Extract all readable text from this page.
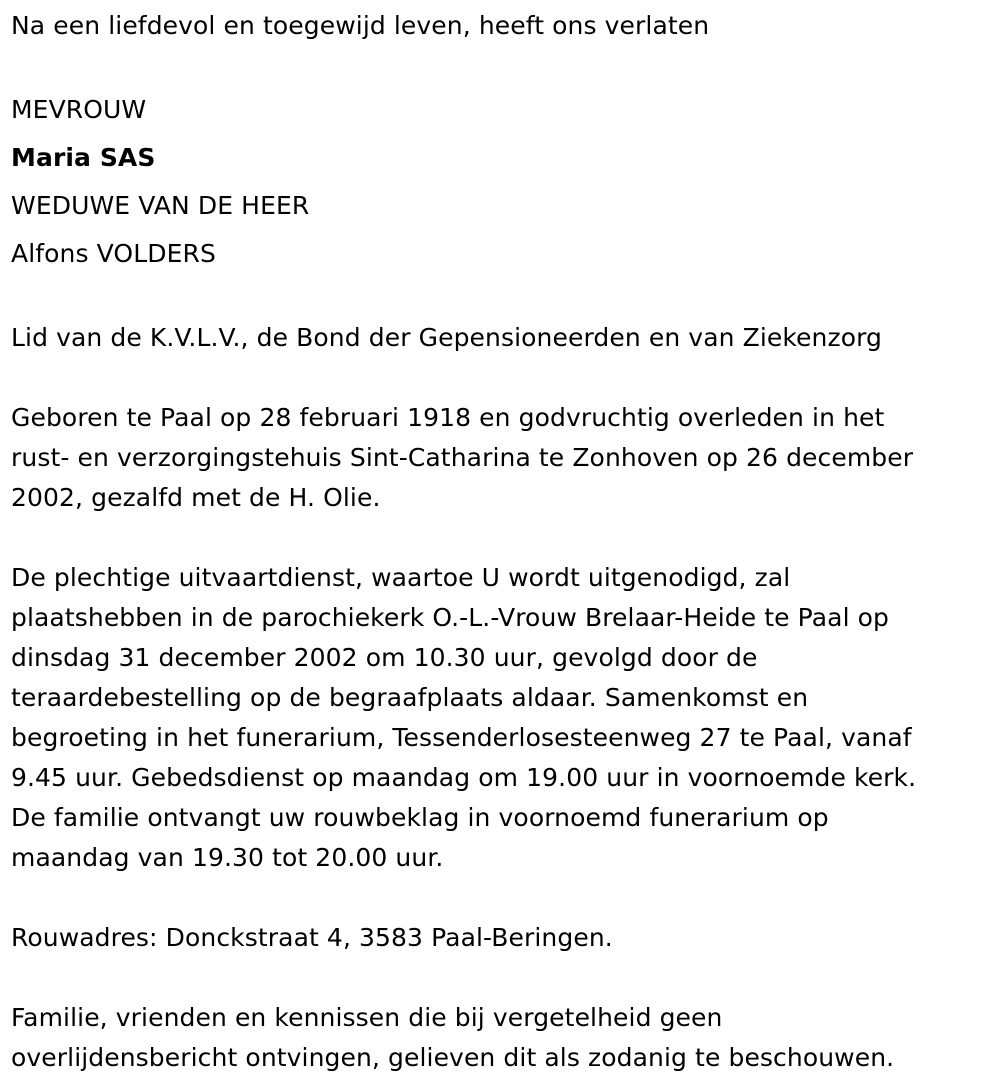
Na een liefdevol en toegewijd leven, heeft ons verlaten
MEVROUW
Maria SAS
WEDUWE VAN DE HEER
Alfons VOLDERS
Lid van de K.V.L.V., de Bond der Gepensioneerden en van Ziekenzorg
Geboren te Paal op 28 februari 1918 en godvruchtig overleden in het
rust- en verzorgingstehuis Sint-Catharina te Zonhoven op 26 december
2002, gezalfd met de H. Olie.
De plechtige uitvaartdienst, waartoe U wordt uitgenodigd, zal
plaatshebben in de parochiekerk O.-L.-Vrouw Brelaar-Heide te Paal op
dinsdag 31 december 2002 om 10.30 uur, gevolgd door de
teraardebestelling op de begraafplaats aldaar. Samenkomst en
begroeting in het funerarium, Tessenderlosesteenweg 27 te Paal, vanaf
9.45 uur. Gebedsdienst op maandag om 19.00 uur in voornoemde kerk.
De familie ontvangt uw rouwbeklag in voornoemd funerarium op
maandag van 19.30 tot 20.00 uur.
Rouwadres: Donckstraat 4, 3583 Paal-Beringen.
Familie, vrienden en kennissen die bij vergetelheid geen
overlijdensbericht ontvingen, gelieven dit als zodanig te beschouwen.
